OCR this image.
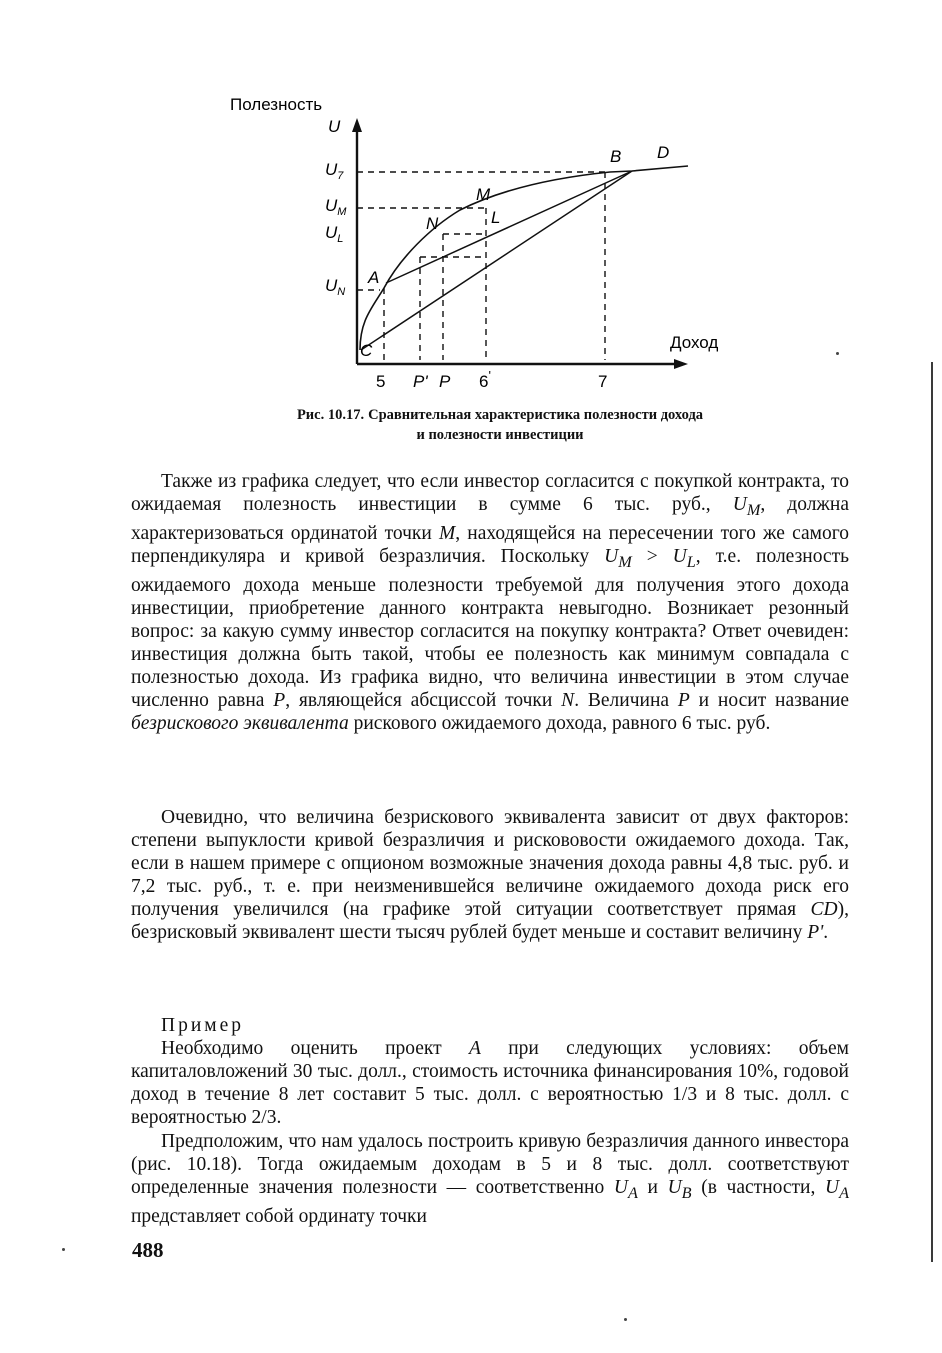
Полезность
Доход
U
$U_7$
$U_M$
$U_L$
$U_N$
5 P' P 6'	7
B D
M
N	L
A
C
Рис. 10.17. Сравнительная характеристика полезности дохода
и полезности инвестиции

Также из графика следует, что если инвестор согласится с покупкой контракта, то ожидаемая полезность инвестиции в сумме 6 тыс. руб., $U_M$, должна характеризоваться ординатой точки M, находящейся на пересечении того же самого перпендикуляра и кривой безразличия. Поскольку $U_M > U_L$, т.е. полезность ожидаемого дохода меньше полезности требуемой для получения этого дохода инвестиции, приобретение данного контракта невыгодно. Возникает резонный вопрос: за какую сумму инвестор согласится на покупку контракта? Ответ очевиден: инвестиция должна быть такой, чтобы ее полезность как минимум совпадала с полезностью дохода. Из графика видно, что величина инвестиции в этом случае численно равна P, являющейся абсциссой точки N. Величина P и носит название безрискового эквивалента рискового ожидаемого дохода, равного 6 тыс. руб.

Очевидно, что величина безрискового эквивалента зависит от двух факторов: степени выпуклости кривой безразличия и рискововости ожидаемого дохода. Так, если в нашем примере с опционом возможные значения дохода равны 4,8 тыс. руб. и 7,2 тыс. руб., т. е. при неизменившейся величине ожидаемого дохода риск его получения увеличился (на графике этой ситуации соответствует прямая CD), безрисковый эквивалент шести тысяч рублей будет меньше и составит величину P'.

Пример

Необходимо оценить проект A при следующих условиях: объем капиталовложений 30 тыс. долл., стоимость источника финансирования 10%, годовой доход в течение 8 лет составит 5 тыс. долл. с вероятностью 1/3 и 8 тыс. долл. с вероятностью 2/3.

Предположим, что нам удалось построить кривую безразличия данного инвестора (рис. 10.18). Тогда ожидаемым доходам в 5 и 8 тыс. долл. соответствуют определенные значения полезности — соответственно $U_A$ и $U_B$ (в частности, $U_A$ представляет собой ординату точки

488
